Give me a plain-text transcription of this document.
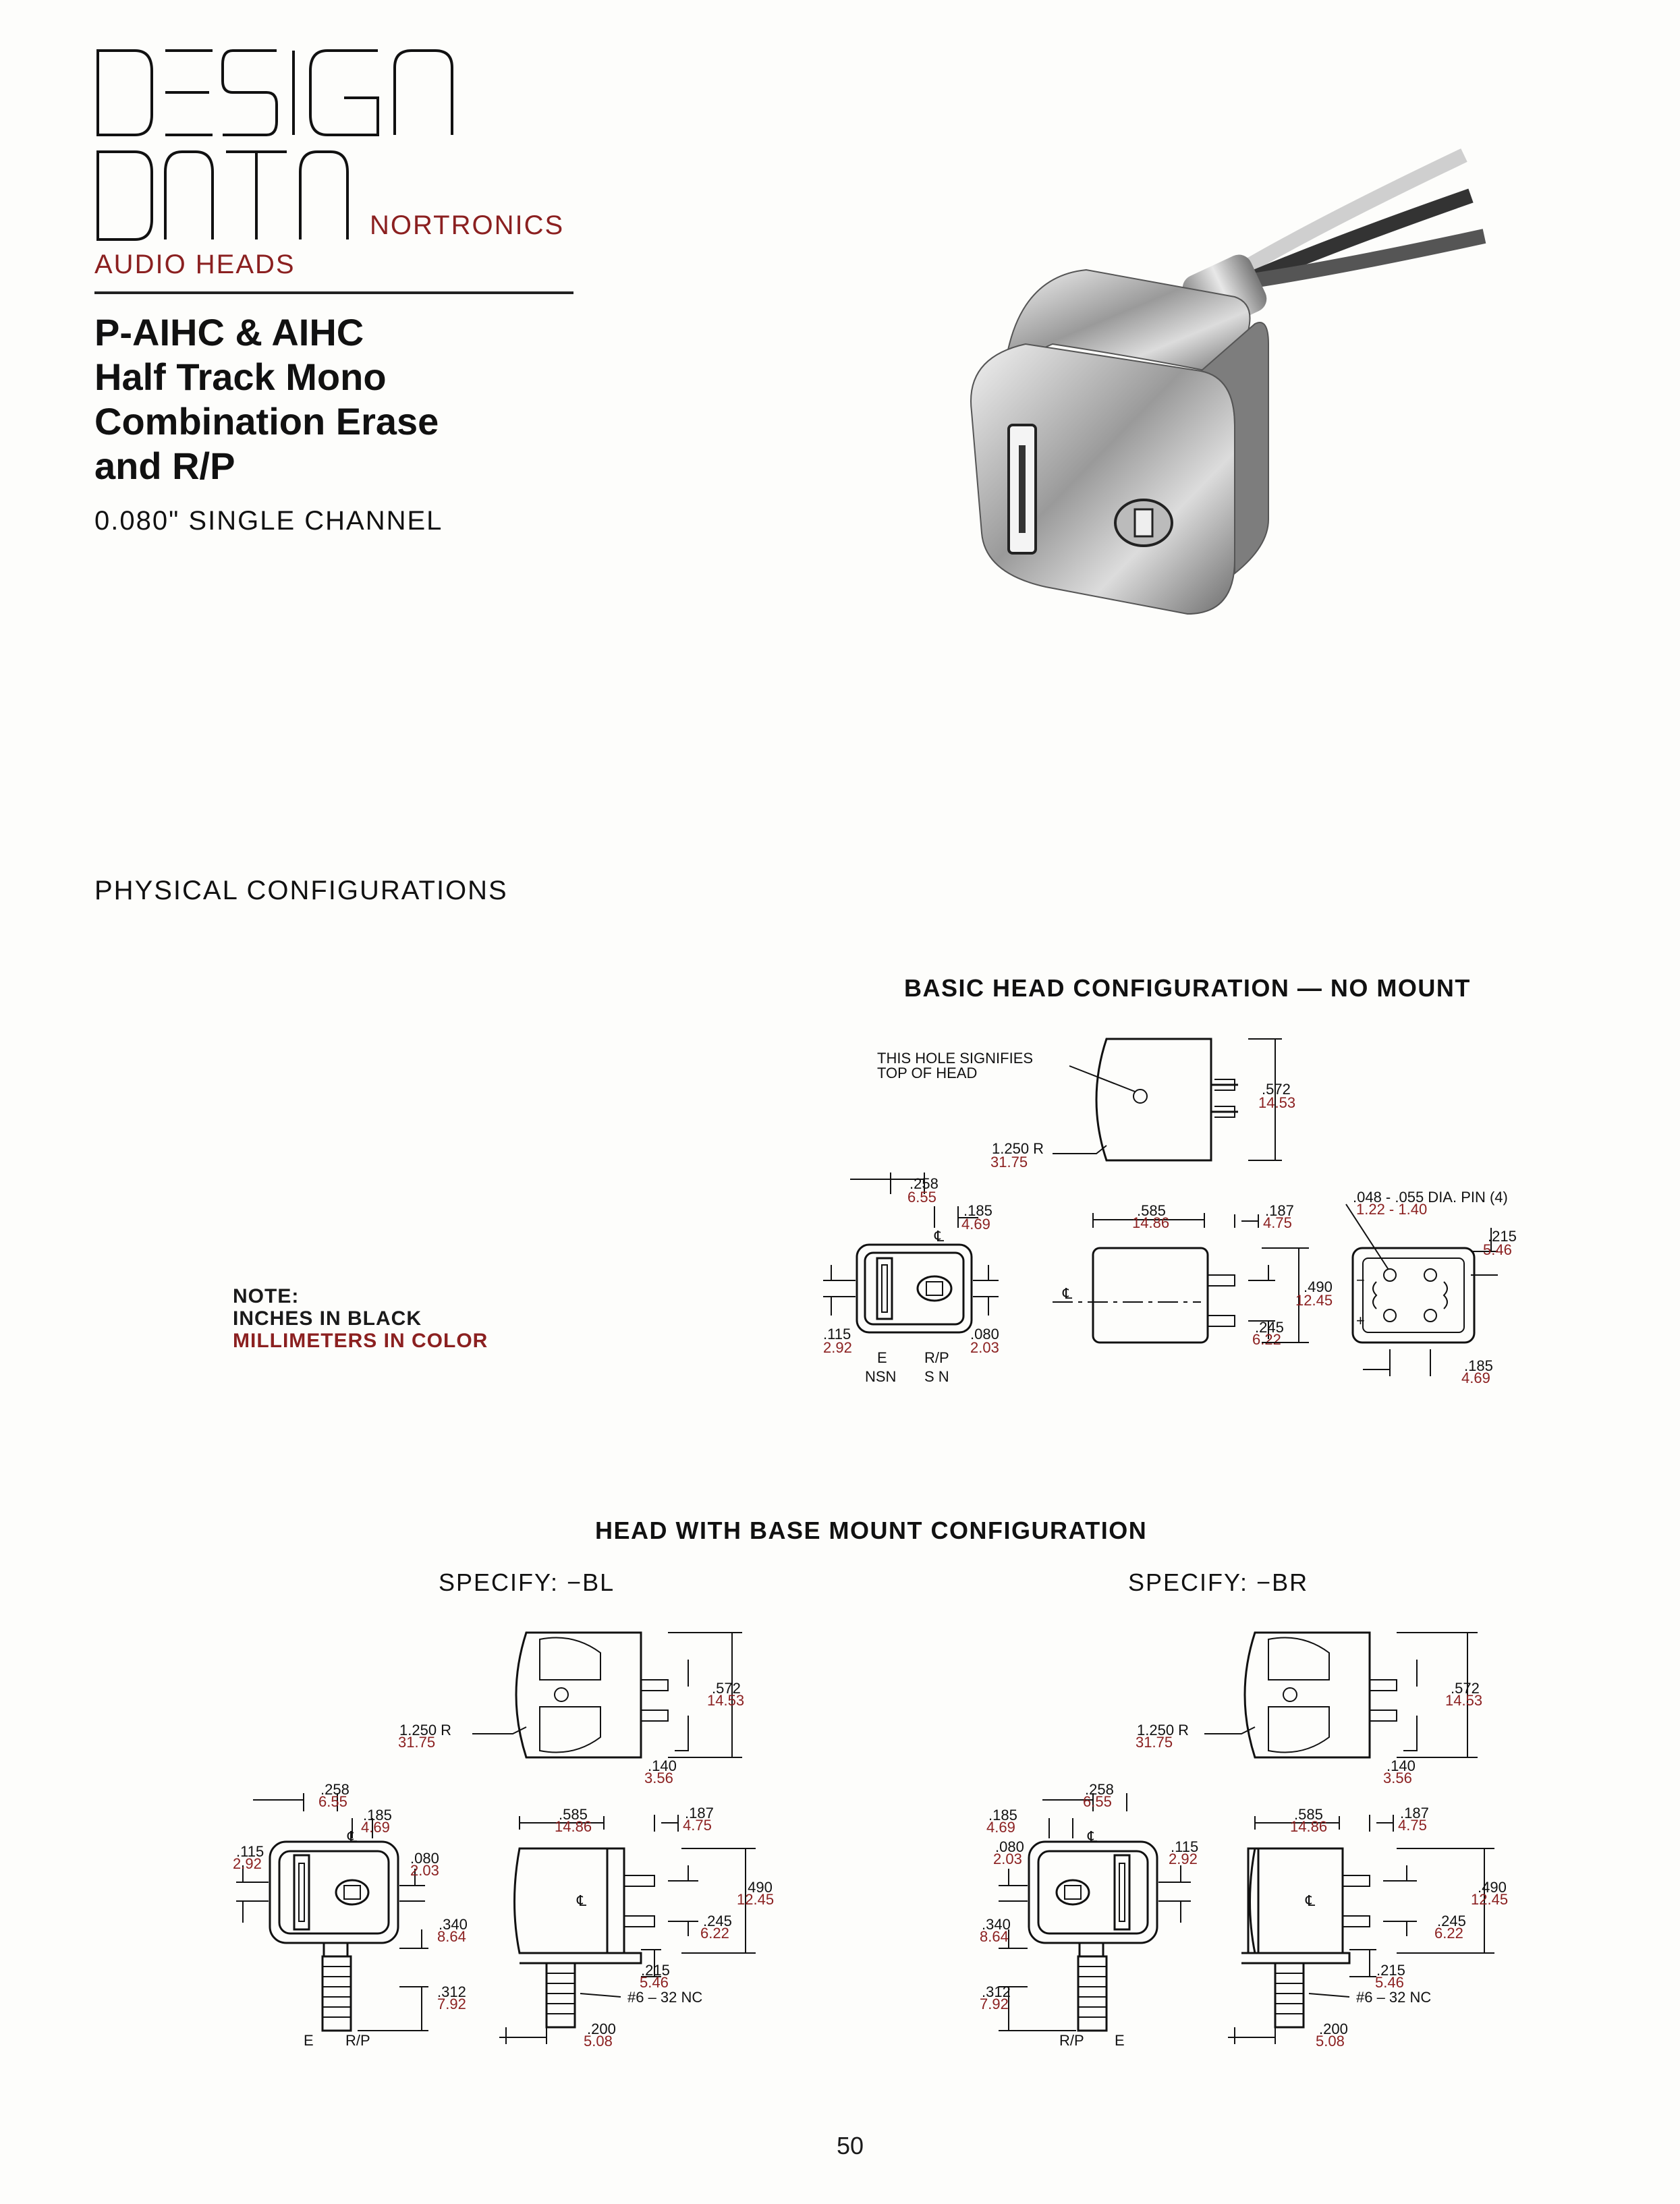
NORTRONICS
AUDIO HEADS
P-AIHC & AIHC
Half Track Mono
Combination Erase
and R/P
0.080" SINGLE CHANNEL
PHYSICAL CONFIGURATIONS
BASIC HEAD CONFIGURATION — NO MOUNT
NOTE:
INCHES IN BLACK
MILLIMETERS IN COLOR
THIS HOLE SIGNIFIES
TOP OF HEAD
.572
14.53
1.250 R
31.75
.258
6.55
.185
4.69
℄
.115
2.92
.080
2.03
E	R/P
NSN S N
℄
.585
14.86
.187
4.75
.245
6.22
.490
12.45
−
+
.048 - .055 DIA. PIN (4)
1.22 - 1.40
.215
5.46
.185
4.69
HEAD WITH BASE MOUNT CONFIGURATION
SPECIFY: −BL	SPECIFY: −BR
.572
14.53
.140
3.56
1.250 R
31.75
.258
6.55
.185
4.69
℄
.115
2.92	.080
2.03
.340
8.64
.312
7.92
E R/P
℄
.585
14.86
.187
4.75
.245
6.22
.490
12.45
.215
5.46
#6 – 32 NC
.200
5.08
.572
14.53
.140
3.56
1.250 R
31.75
.258
6.55
.185
4.69
℄
.080
2.03
.115
2.92
.340
8.64
.312
7.92
R/P E
℄
.585
14.86
.187
4.75
.245
6.22
.490
12.45
.215
5.46
#6 – 32 NC
.200
5.08
50
